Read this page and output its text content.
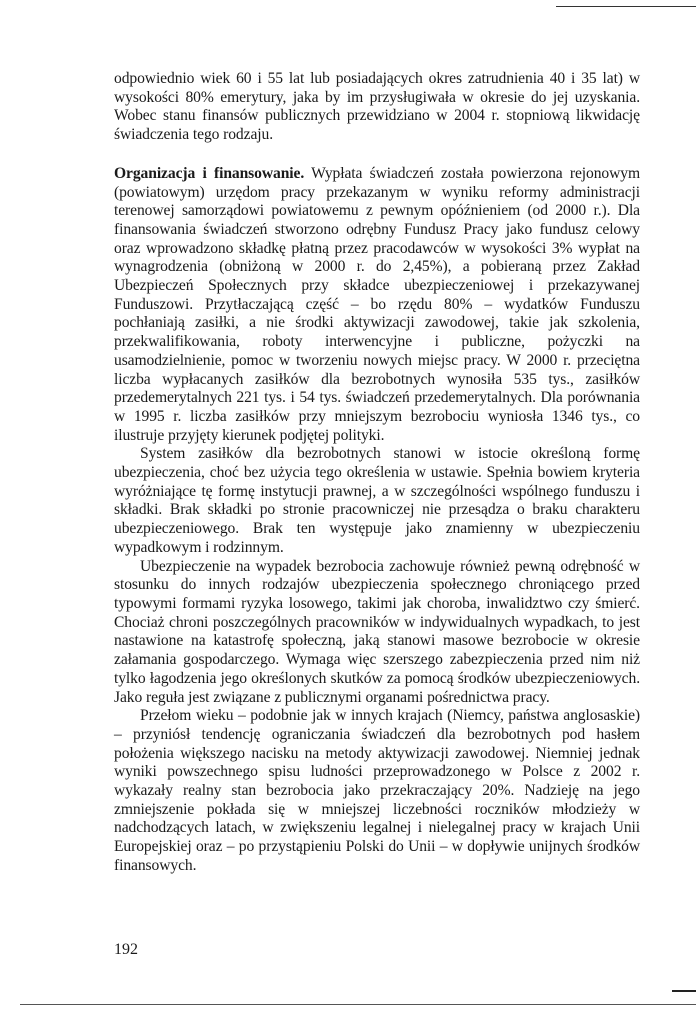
odpowiednio wiek 60 i 55 lat lub posiadających okres zatrudnienia 40 i 35 lat) w wysokości 80% emerytury, jaka by im przysługiwała w okresie do jej uzyskania. Wobec stanu finansów publicznych przewidziano w 2004 r. stopniową likwidację świadczenia tego rodzaju.

Organizacja i finansowanie. Wypłata świadczeń została powierzona rejonowym (powiatowym) urzędom pracy przekazanym w wyniku reformy administracji terenowej samorządowi powiatowemu z pewnym opóźnieniem (od 2000 r.). Dla finansowania świadczeń stworzono odrębny Fundusz Pracy jako fundusz celowy oraz wprowadzono składkę płatną przez pracodawców w wysokości 3% wypłat na wynagrodzenia (obniżoną w 2000 r. do 2,45%), a pobieraną przez Zakład Ubezpieczeń Społecznych przy składce ubezpieczeniowej i przekazywanej Funduszowi. Przytłaczającą część – bo rzędu 80% – wydatków Funduszu pochłaniają zasiłki, a nie środki aktywizacji zawodowej, takie jak szkolenia, przekwalifikowania, roboty interwencyjne i publiczne, pożyczki na usamodzielnienie, pomoc w tworzeniu nowych miejsc pracy. W 2000 r. przeciętna liczba wypłacanych zasiłków dla bezrobotnych wynosiła 535 tys., zasiłków przedemerytalnych 221 tys. i 54 tys. świadczeń przedemerytalnych. Dla porównania w 1995 r. liczba zasiłków przy mniejszym bezrobociu wyniosła 1346 tys., co ilustruje przyjęty kierunek podjętej polityki.

System zasiłków dla bezrobotnych stanowi w istocie określoną formę ubezpieczenia, choć bez użycia tego określenia w ustawie. Spełnia bowiem kryteria wyróżniające tę formę instytucji prawnej, a w szczególności wspólnego funduszu i składki. Brak składki po stronie pracowniczej nie przesądza o braku charakteru ubezpieczeniowego. Brak ten występuje jako znamienny w ubezpieczeniu wypadkowym i rodzinnym.

Ubezpieczenie na wypadek bezrobocia zachowuje również pewną odrębność w stosunku do innych rodzajów ubezpieczenia społecznego chroniącego przed typowymi formami ryzyka losowego, takimi jak choroba, inwalidztwo czy śmierć. Chociaż chroni poszczególnych pracowników w indywidualnych wypadkach, to jest nastawione na katastrofę społeczną, jaką stanowi masowe bezrobocie w okresie załamania gospodarczego. Wymaga więc szerszego zabezpieczenia przed nim niż tylko łagodzenia jego określonych skutków za pomocą środków ubezpieczeniowych. Jako reguła jest związane z publicznymi organami pośrednictwa pracy.

Przełom wieku – podobnie jak w innych krajach (Niemcy, państwa anglosaskie) – przyniósł tendencję ograniczania świadczeń dla bezrobotnych pod hasłem położenia większego nacisku na metody aktywizacji zawodowej. Niemniej jednak wyniki powszechnego spisu ludności przeprowadzonego w Polsce z 2002 r. wykazały realny stan bezrobocia jako przekraczający 20%. Nadzieję na jego zmniejszenie pokłada się w mniejszej liczebności roczników młodzieży w nadchodzących latach, w zwiększeniu legalnej i nielegalnej pracy w krajach Unii Europejskiej oraz – po przystąpieniu Polski do Unii – w dopływie unijnych środków finansowych.

192
